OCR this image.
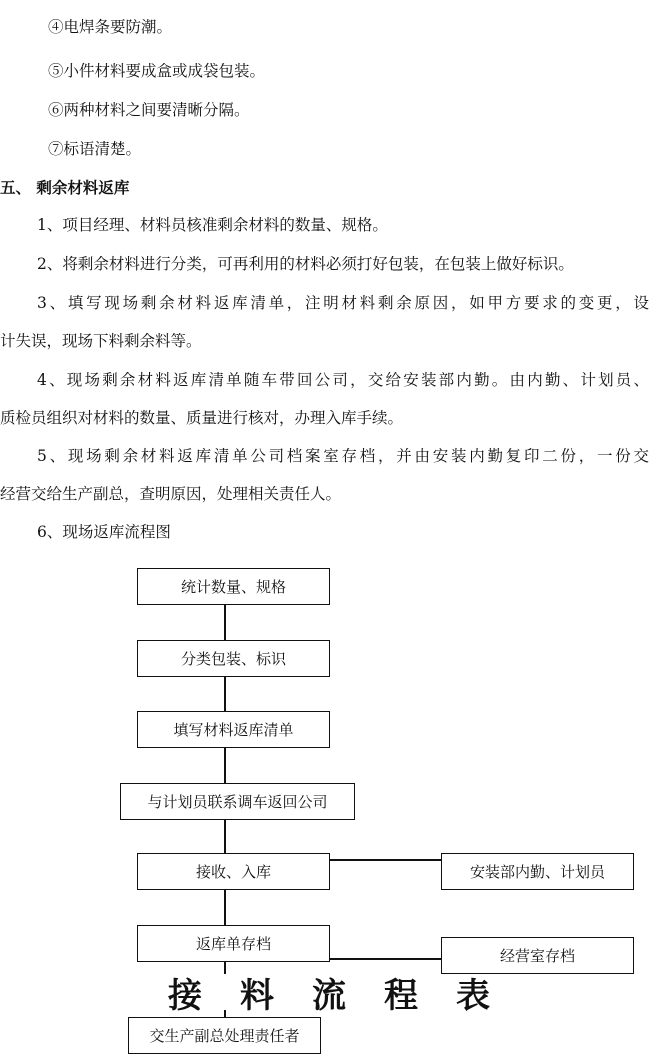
④电焊条要防潮。
⑤小件材料要成盒或成袋包装。
⑥两种材料之间要清晰分隔。
⑦标语清楚。
五、 剩余材料返库
1、项目经理、材料员核准剩余材料的数量、规格。
2、将剩余材料进行分类，可再利用的材料必须打好包装，在包装上做好标识。
3、填写现场剩余材料返库清单，注明材料剩余原因，如甲方要求的变更，设
计失误，现场下料剩余料等。
4、现场剩余材料返库清单随车带回公司，交给安装部内勤。由内勤、计划员、
质检员组织对材料的数量、质量进行核对，办理入库手续。
5、现场剩余材料返库清单公司档案室存档，并由安装内勤复印二份，一份交
经营交给生产副总，查明原因，处理相关责任人。
6、现场返库流程图
统计数量、规格
分类包装、标识
填写材料返库清单
与计划员联系调车返回公司
接收、入库	安装部内勤、计划员
返库单存档
经营室存档
交生产副总处理责任者
接料流程表
